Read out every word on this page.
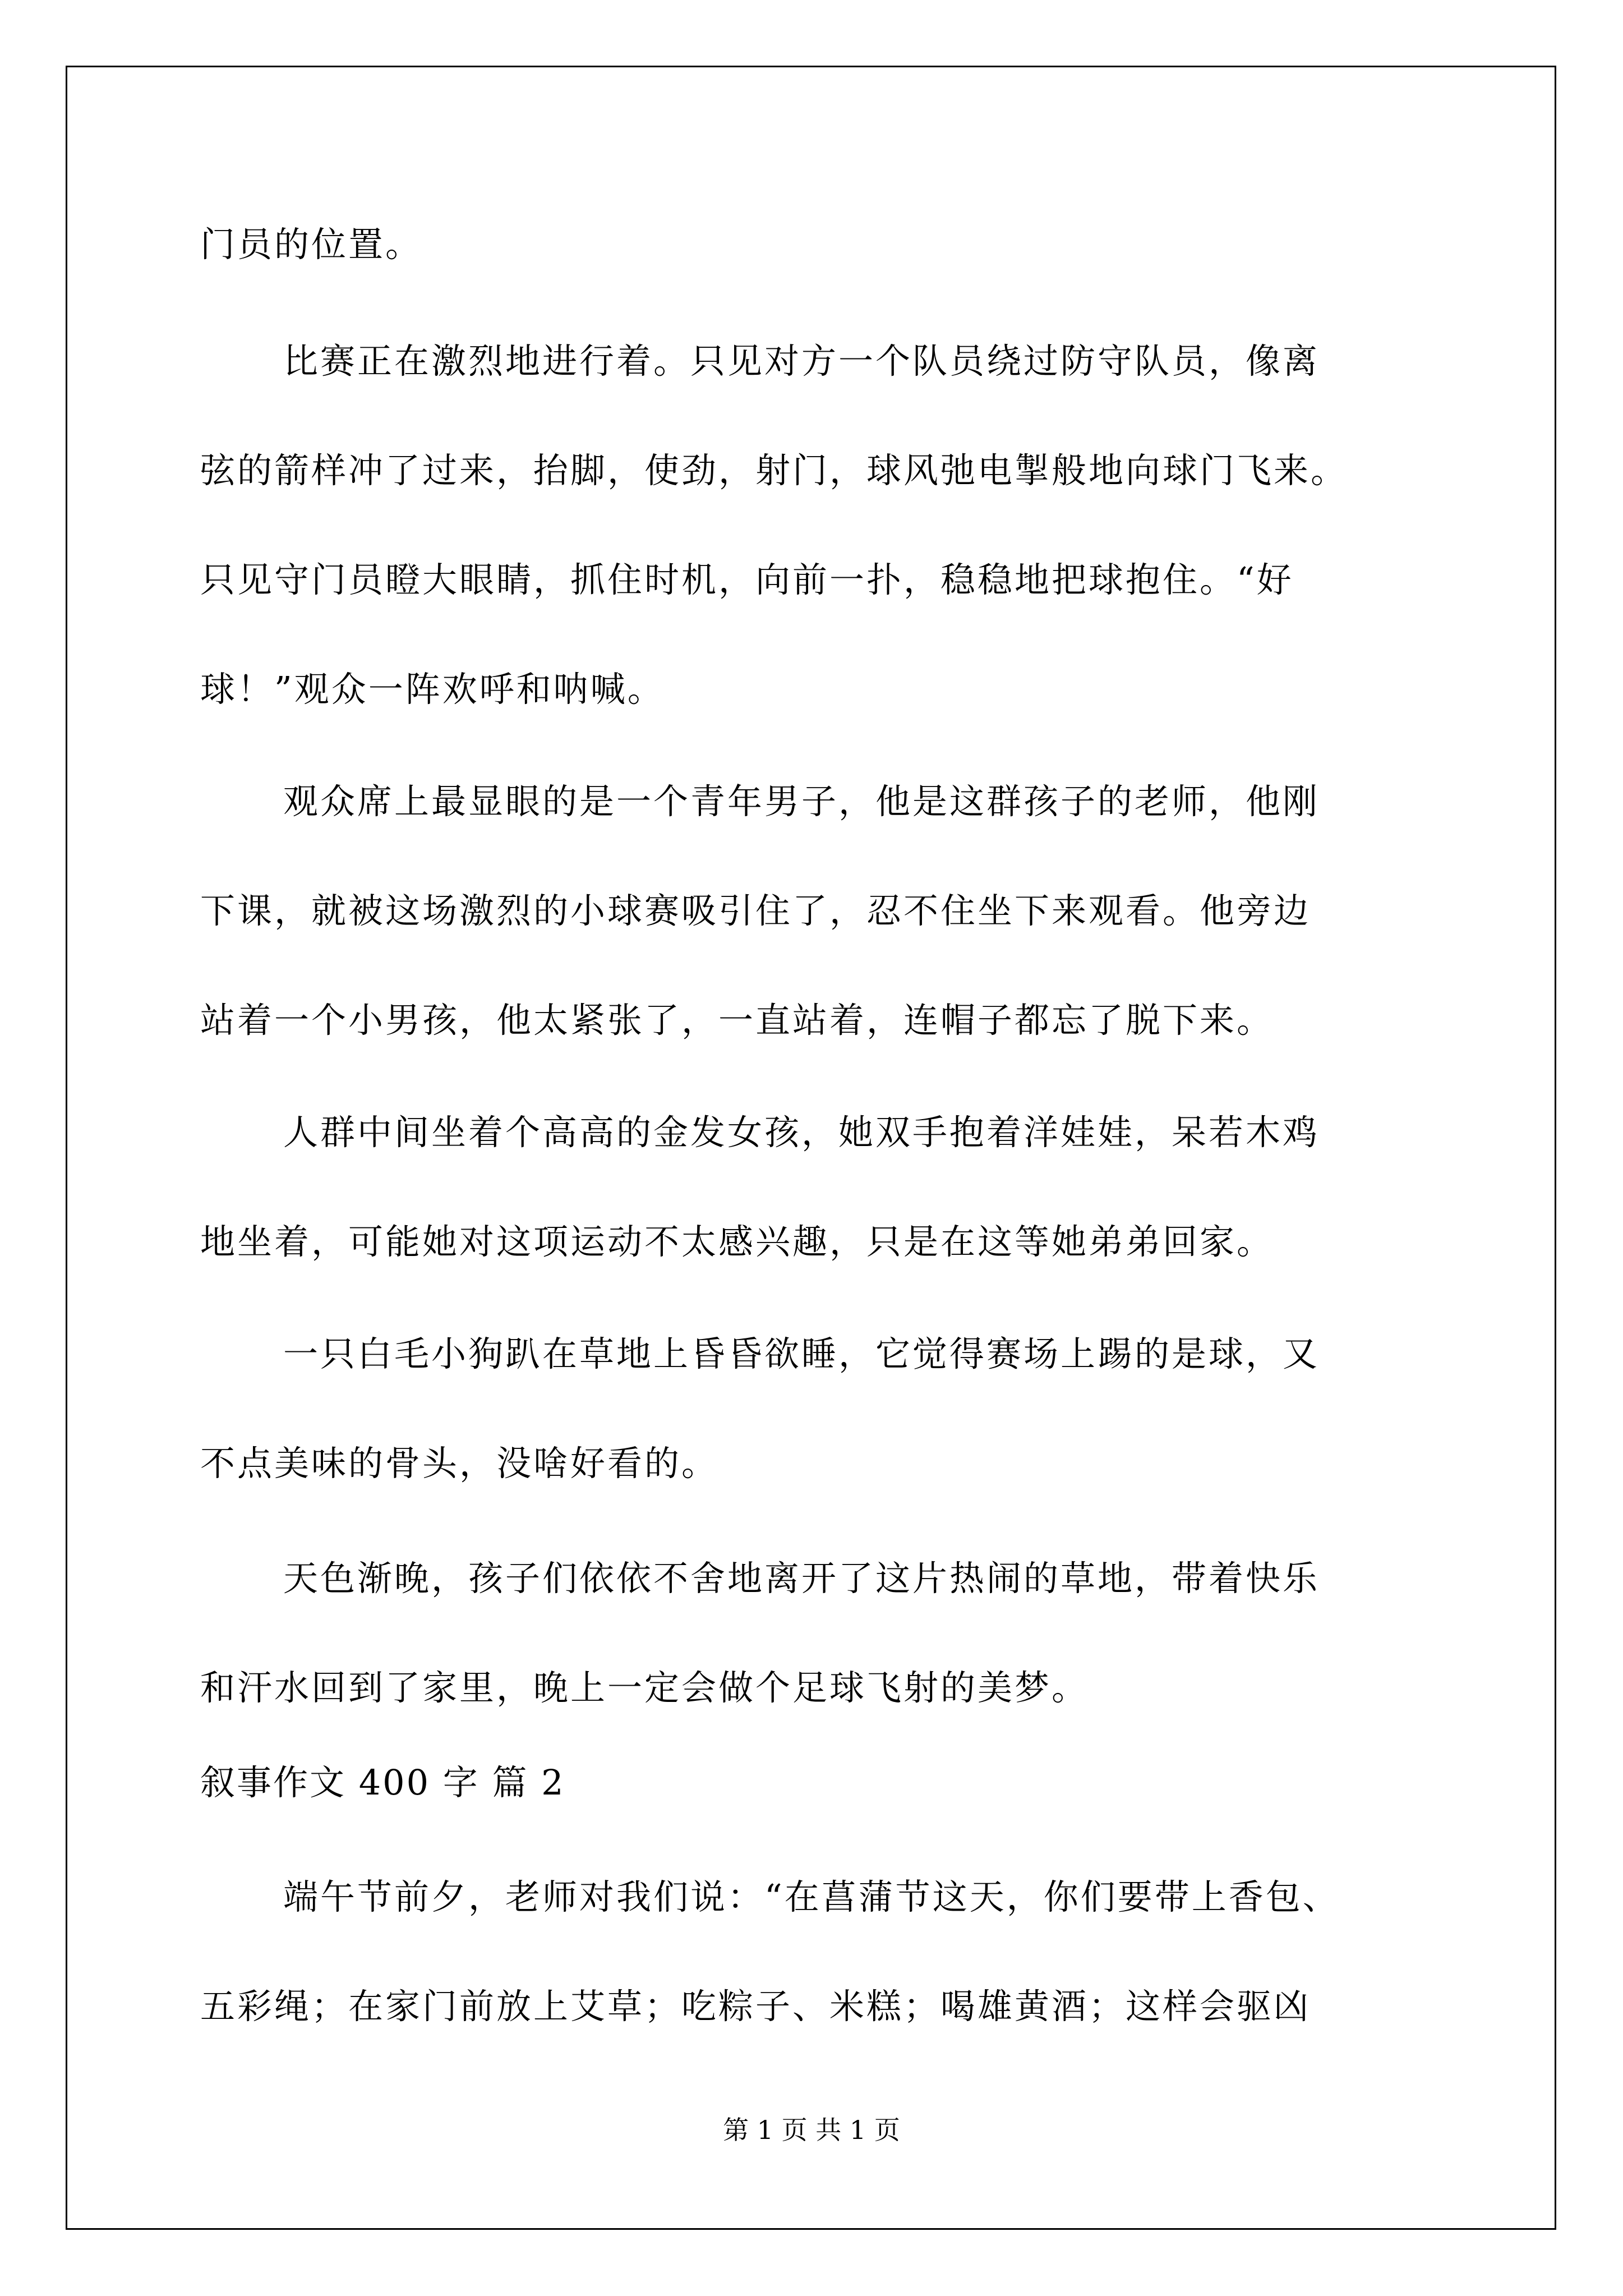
门员的位置。
比赛正在激烈地进行着。只见对方一个队员绕过防守队员，像离
弦的箭样冲了过来，抬脚，使劲，射门，球风弛电掣般地向球门飞来。
只见守门员瞪大眼睛，抓住时机，向前一扑，稳稳地把球抱住。“好
球！”观众一阵欢呼和呐喊。
观众席上最显眼的是一个青年男子，他是这群孩子的老师，他刚
下课，就被这场激烈的小球赛吸引住了，忍不住坐下来观看。他旁边
站着一个小男孩，他太紧张了，一直站着，连帽子都忘了脱下来。
人群中间坐着个高高的金发女孩，她双手抱着洋娃娃，呆若木鸡
地坐着，可能她对这项运动不太感兴趣，只是在这等她弟弟回家。
一只白毛小狗趴在草地上昏昏欲睡，它觉得赛场上踢的是球，又
不点美味的骨头，没啥好看的。
天色渐晚，孩子们依依不舍地离开了这片热闹的草地，带着快乐
和汗水回到了家里，晚上一定会做个足球飞射的美梦。
叙事作文 400 字 篇 2
端午节前夕，老师对我们说：“在菖蒲节这天，你们要带上香包、
五彩绳；在家门前放上艾草；吃粽子、米糕；喝雄黄酒；这样会驱凶
第 1 页 共 1 页
